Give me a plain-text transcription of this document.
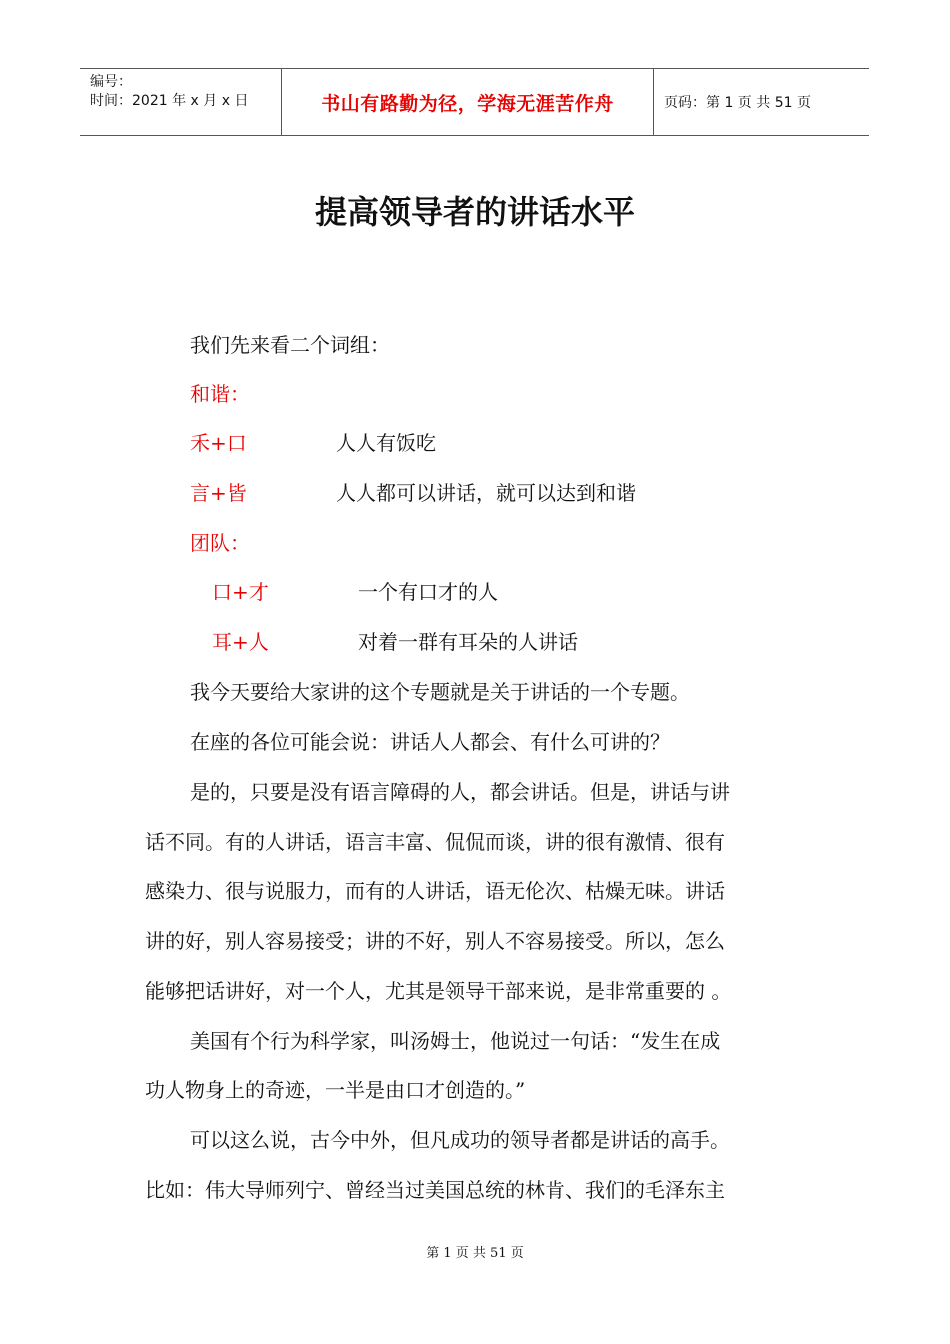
编号：
时间：2021 年 x 月 x 日	书山有路勤为径，学海无涯苦作舟	页码：第 1 页 共 51 页
提高领导者的讲话水平
我们先来看二个词组：
和谐：
禾+口	人人有饭吃
言+皆	人人都可以讲话，就可以达到和谐
团队：
口+才	一个有口才的人
耳+人	对着一群有耳朵的人讲话
我今天要给大家讲的这个专题就是关于讲话的一个专题。
在座的各位可能会说：讲话人人都会、有什么可讲的？
是的，只要是没有语言障碍的人，都会讲话。但是，讲话与讲
话不同。有的人讲话，语言丰富、侃侃而谈，讲的很有激情、很有
感染力、很与说服力，而有的人讲话，语无伦次、枯燥无味。讲话
讲的好，别人容易接受；讲的不好，别人不容易接受。所以，怎么
能够把话讲好，对一个人，尤其是领导干部来说，是非常重要的 。
美国有个行为科学家，叫汤姆士，他说过一句话：“发生在成
功人物身上的奇迹，一半是由口才创造的。”
可以这么说，古今中外，但凡成功的领导者都是讲话的高手。
比如：伟大导师列宁、曾经当过美国总统的林肯、我们的毛泽东主
第 1 页 共 51 页
